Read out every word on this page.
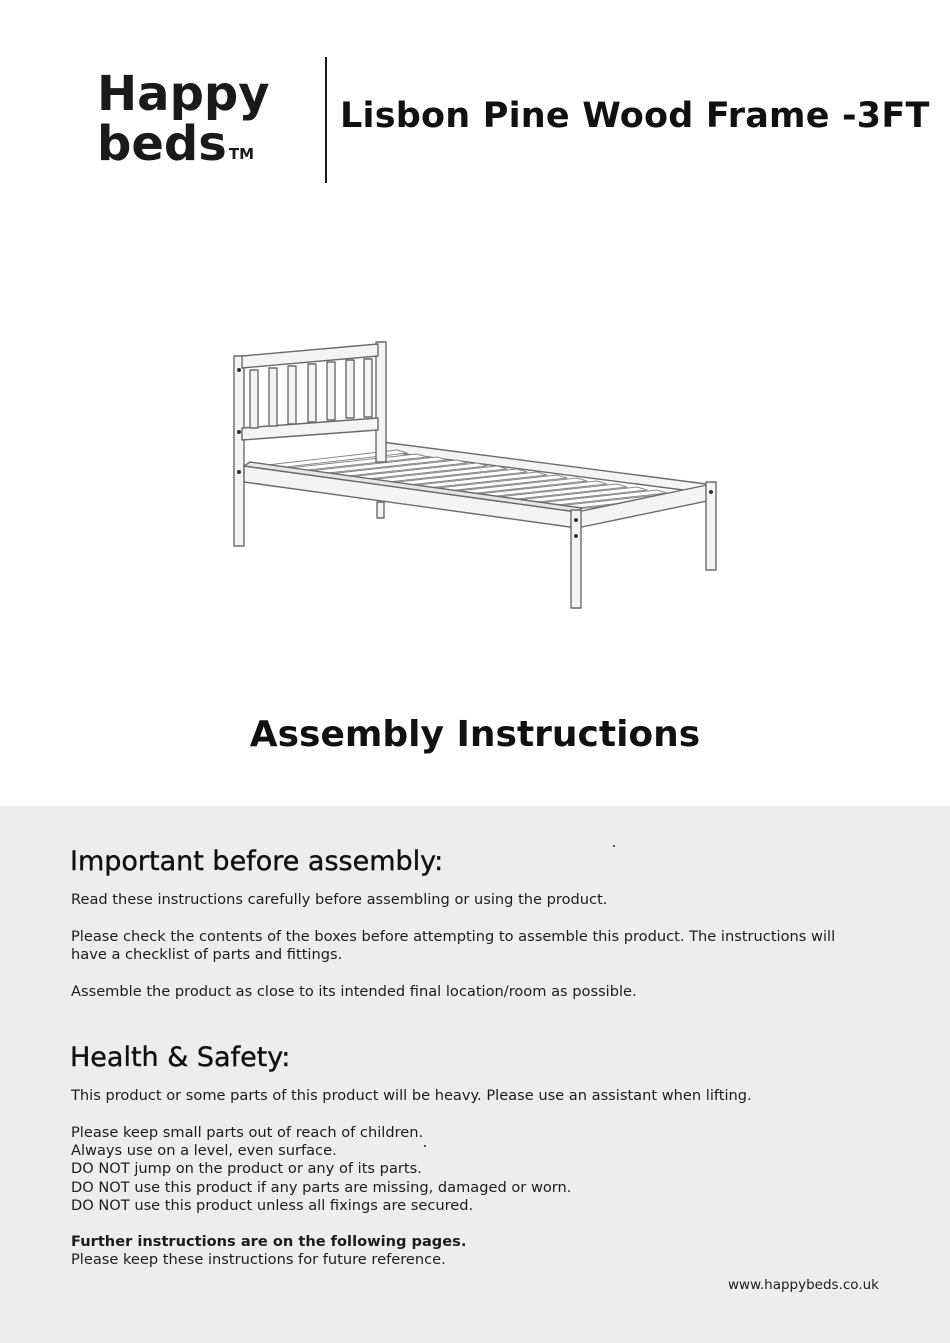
Happy
beds ™
Lisbon Pine Wood Frame -3FT
Assembly Instructions
Important before assembly:

Read these instructions carefully before assembling or using the product.

Please check the contents of the boxes before attempting to assemble this product. The instructions will
have a checklist of parts and fittings.

Assemble the product as close to its intended final location/room as possible.

Health & Safety:

This product or some parts of this product will be heavy. Please use an assistant when lifting.

Please keep small parts out of reach of children.
Always use on a level, even surface.
DO NOT jump on the product or any of its parts.
DO NOT use this product if any parts are missing, damaged or worn.
DO NOT use this product unless all fixings are secured.

Further instructions are on the following pages.
Please keep these instructions for future reference.

www.happybeds.co.uk
